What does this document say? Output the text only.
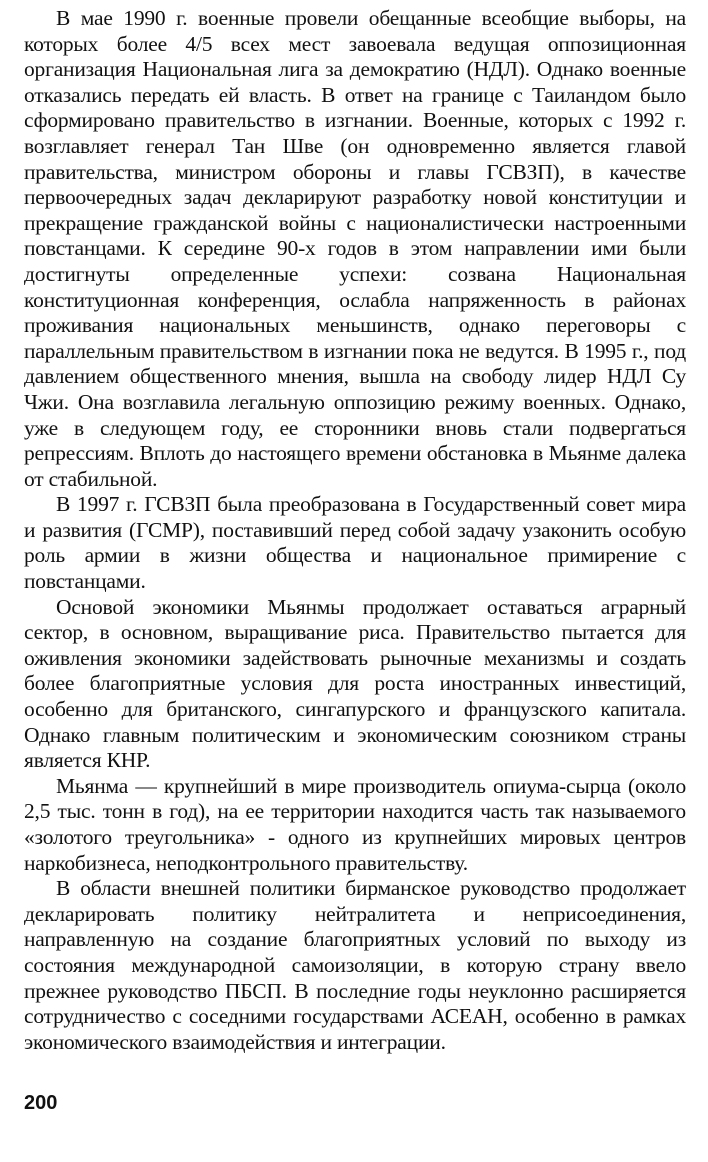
В мае 1990 г. военные провели обещанные всеобщие выборы, на которых более 4/5 всех мест завоевала ведущая оппозиционная организация Национальная лига за демократию (НДЛ). Однако военные отказались передать ей власть. В ответ на границе с Таиландом было сформировано правительство в изгнании. Военные, которых с 1992 г. возглавляет генерал Тан Шве (он одновременно является главой правительства, министром обороны и главы ГСВЗП), в качестве первоочередных задач декларируют разработку новой конституции и прекращение гражданской войны с националистически настроенными повстанцами. К середине 90-х годов в этом направлении ими были достигнуты определенные успехи: созвана Национальная конституционная конференция, ослабла напряженность в районах проживания национальных меньшинств, однако переговоры с параллельным правительством в изгнании пока не ведутся. В 1995 г., под давлением общественного мнения, вышла на свободу лидер НДЛ Су Чжи. Она возглавила легальную оппозицию режиму военных. Однако, уже в следующем году, ее сторонники вновь стали подвергаться репрессиям. Вплоть до настоящего времени обстановка в Мьянме далека от стабильной.

В 1997 г. ГСВЗП была преобразована в Государственный совет мира и развития (ГСМР), поставивший перед собой задачу узаконить особую роль армии в жизни общества и национальное примирение с повстанцами.

Основой экономики Мьянмы продолжает оставаться аграрный сектор, в основном, выращивание риса. Правительство пытается для оживления экономики задействовать рыночные механизмы и создать более благоприятные условия для роста иностранных инвестиций, особенно для британского, сингапурского и французского капитала. Однако главным политическим и экономическим союзником страны является КНР.

Мьянма — крупнейший в мире производитель опиума-сырца (около 2,5 тыс. тонн в год), на ее территории находится часть так называемого «золотого треугольника» - одного из крупнейших мировых центров наркобизнеса, неподконтрольного правительству.

В области внешней политики бирманское руководство продолжает декларировать политику нейтралитета и неприсоединения, направленную на создание благоприятных условий по выходу из состояния международной самоизоляции, в которую страну ввело прежнее руководство ПБСП. В последние годы неуклонно расширяется сотрудничество с соседними государствами АСЕАН, особенно в рамках экономического взаимодействия и интеграции.

200
